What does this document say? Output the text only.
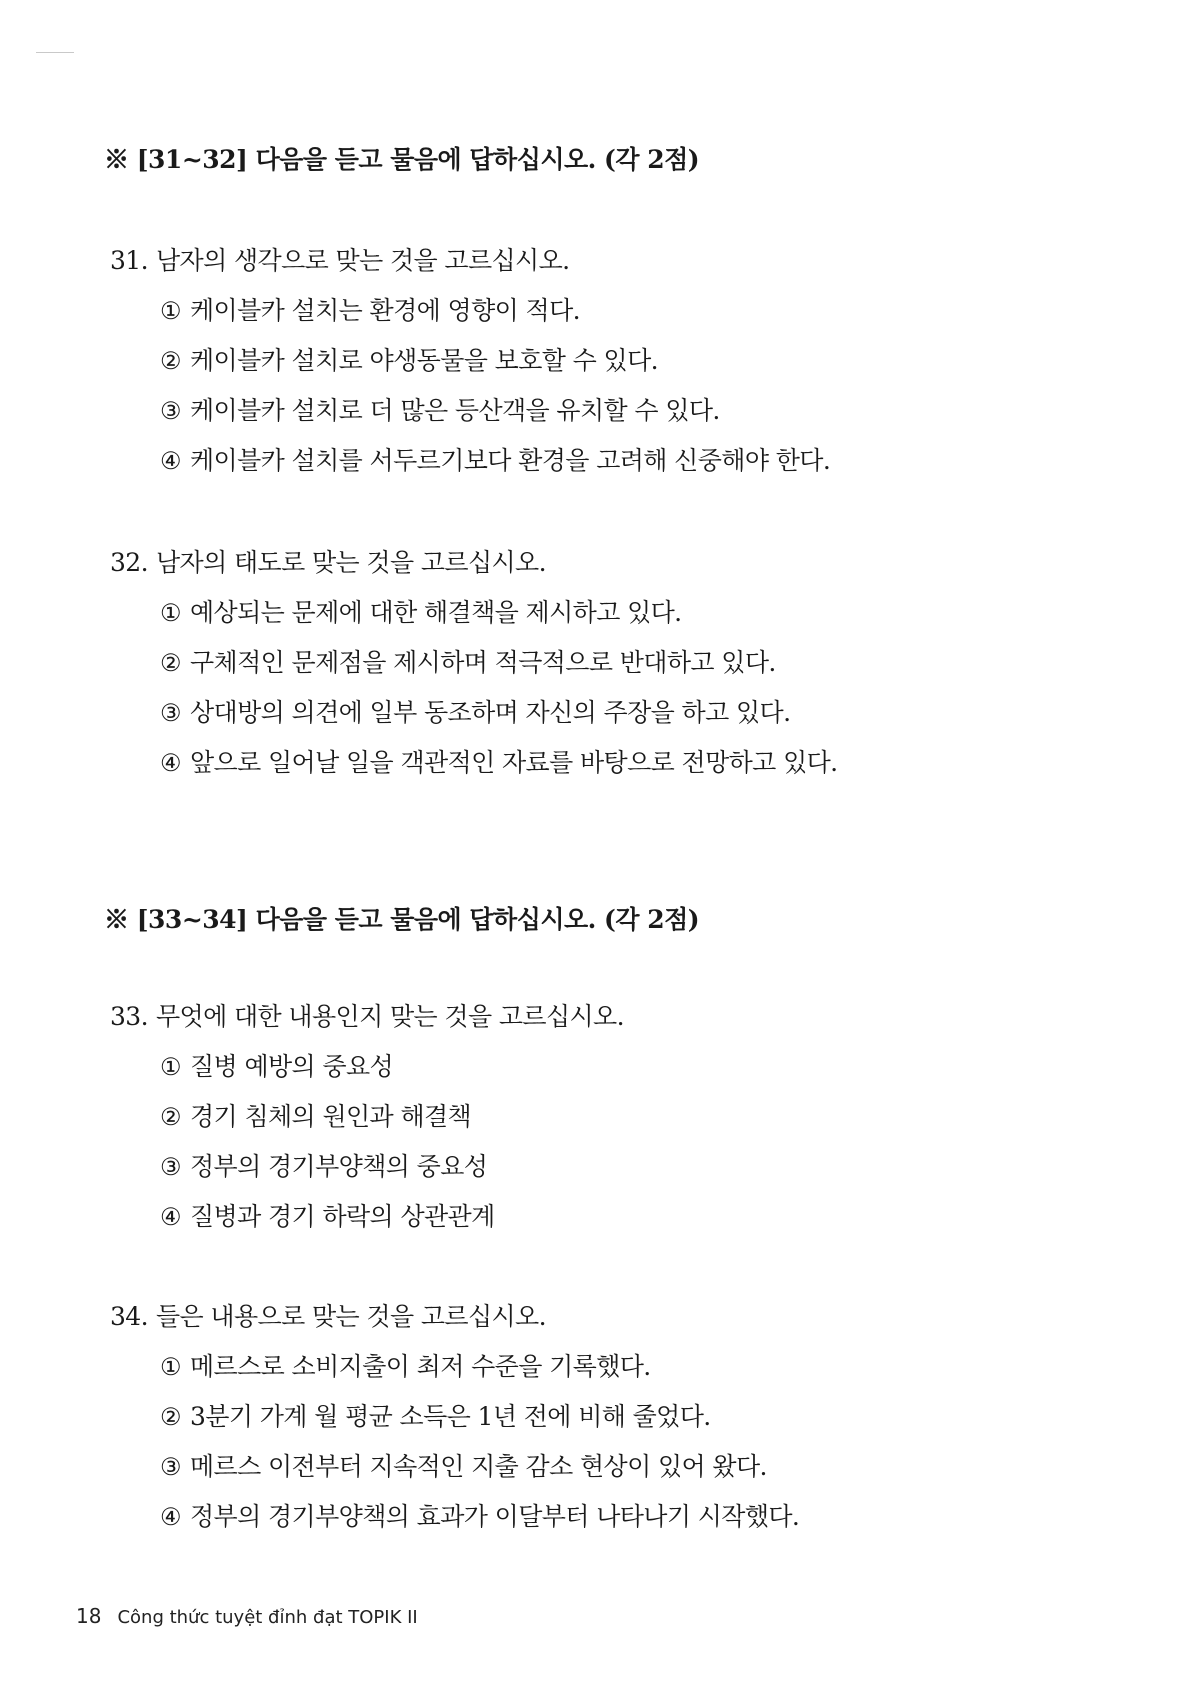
※ [31~32] 다음을 듣고 물음에 답하십시오. (각 2점)
31. 남자의 생각으로 맞는 것을 고르십시오.
① 케이블카 설치는 환경에 영향이 적다.
② 케이블카 설치로 야생동물을 보호할 수 있다.
③ 케이블카 설치로 더 많은 등산객을 유치할 수 있다.
④ 케이블카 설치를 서두르기보다 환경을 고려해 신중해야 한다.
32. 남자의 태도로 맞는 것을 고르십시오.
① 예상되는 문제에 대한 해결책을 제시하고 있다.
② 구체적인 문제점을 제시하며 적극적으로 반대하고 있다.
③ 상대방의 의견에 일부 동조하며 자신의 주장을 하고 있다.
④ 앞으로 일어날 일을 객관적인 자료를 바탕으로 전망하고 있다.
※ [33~34] 다음을 듣고 물음에 답하십시오. (각 2점)
33. 무엇에 대한 내용인지 맞는 것을 고르십시오.
① 질병 예방의 중요성
② 경기 침체의 원인과 해결책
③ 정부의 경기부양책의 중요성
④ 질병과 경기 하락의 상관관계
34. 들은 내용으로 맞는 것을 고르십시오.
① 메르스로 소비지출이 최저 수준을 기록했다.
② 3분기 가계 월 평균 소득은 1년 전에 비해 줄었다.
③ 메르스 이전부터 지속적인 지출 감소 현상이 있어 왔다.
④ 정부의 경기부양책의 효과가 이달부터 나타나기 시작했다.
18 Công thức tuyệt đỉnh đạt TOPIK II
